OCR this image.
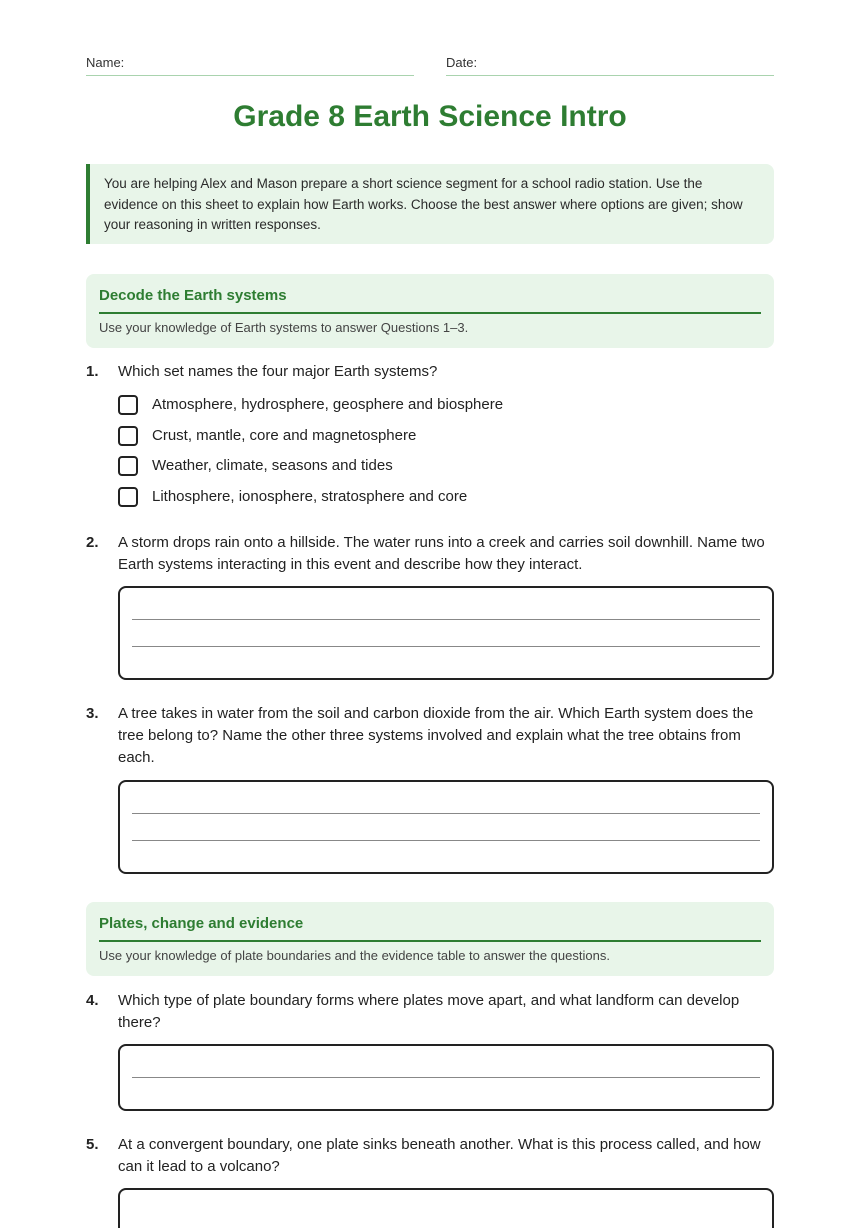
Name:	Date:
Grade 8 Earth Science Intro
You are helping Alex and Mason prepare a short science segment for a school radio station. Use the evidence on this sheet to explain how Earth works. Choose the best answer where options are given; show your reasoning in written responses.
Decode the Earth systems
Use your knowledge of Earth systems to answer Questions 1–3.
1. Which set names the four major Earth systems?
Atmosphere, hydrosphere, geosphere and biosphere
Crust, mantle, core and magnetosphere
Weather, climate, seasons and tides
Lithosphere, ionosphere, stratosphere and core
2. A storm drops rain onto a hillside. The water runs into a creek and carries soil downhill. Name two Earth systems interacting in this event and describe how they interact.
3. A tree takes in water from the soil and carbon dioxide from the air. Which Earth system does the tree belong to? Name the other three systems involved and explain what the tree obtains from each.
Plates, change and evidence
Use your knowledge of plate boundaries and the evidence table to answer the questions.
4. Which type of plate boundary forms where plates move apart, and what landform can develop there?
5. At a convergent boundary, one plate sinks beneath another. What is this process called, and how can it lead to a volcano?
